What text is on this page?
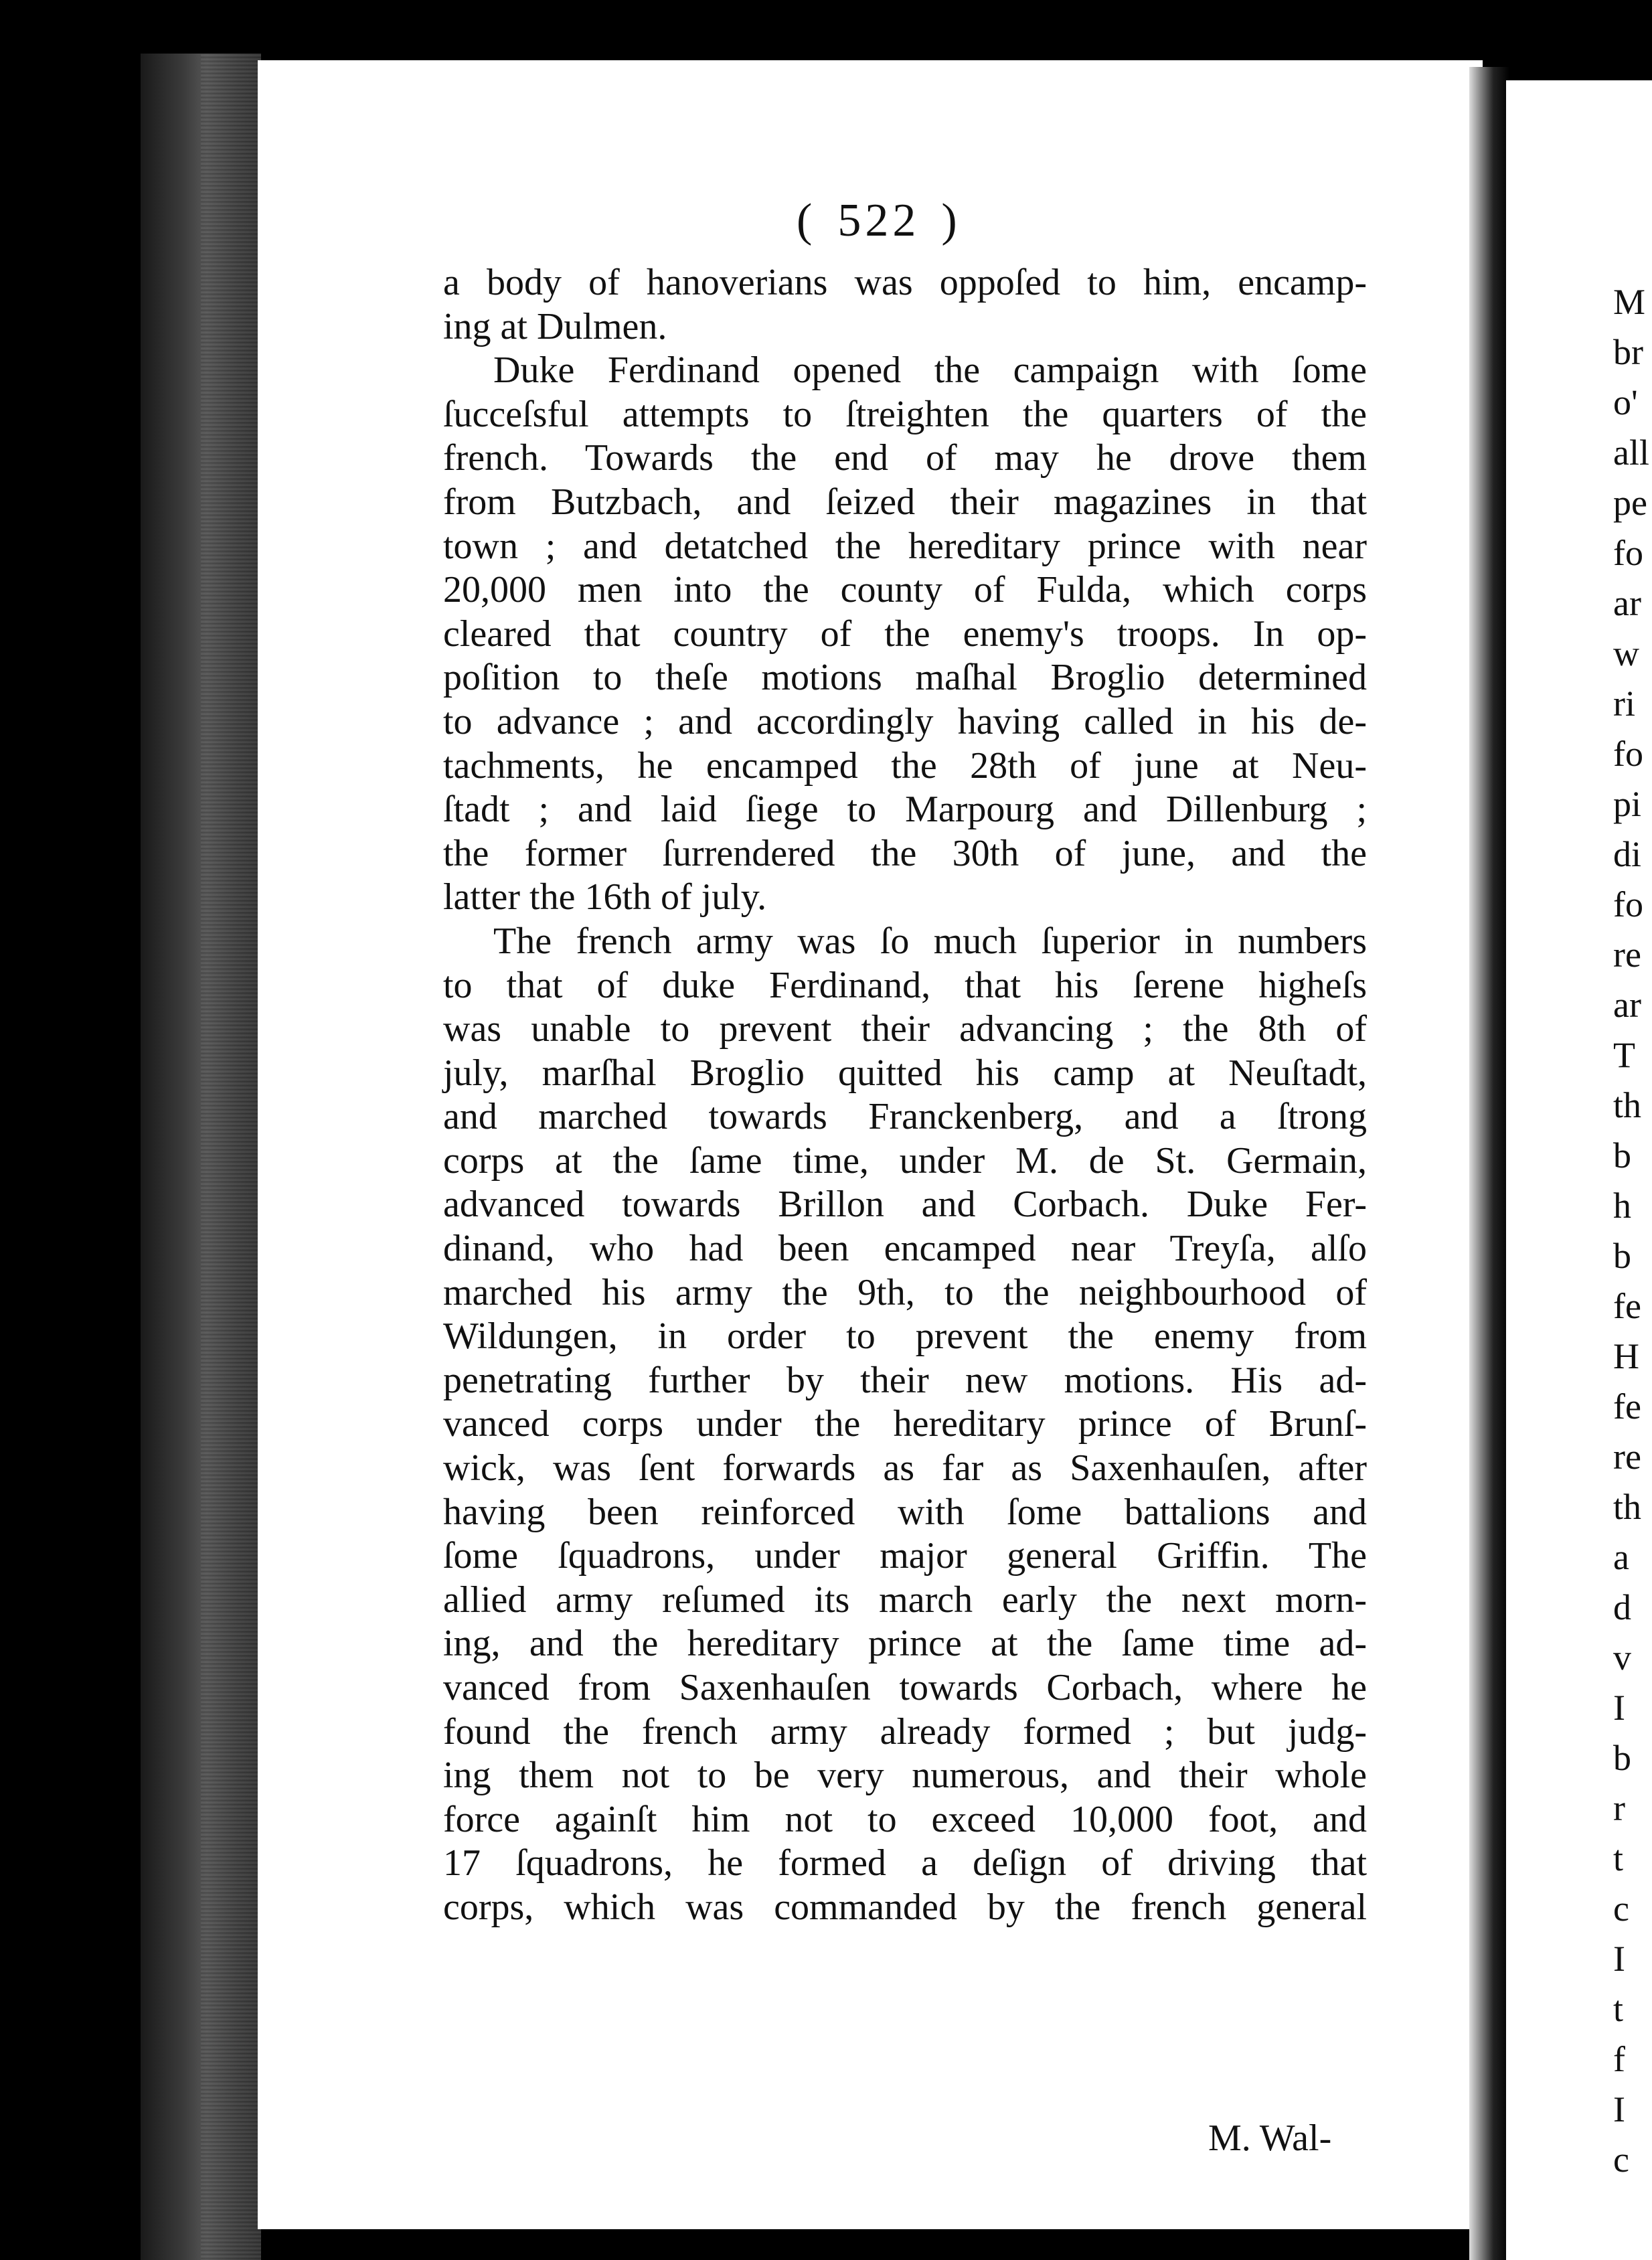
( 522 )
a body of hanoverians was oppoſed to him, encamp-
ing at Dulmen.
Duke Ferdinand opened the campaign with ſome
ſucceſsful attempts to ſtreighten the quarters of the
french. Towards the end of may he drove them
from Butzbach, and ſeized their magazines in that
town ; and detatched the hereditary prince with near
20,000 men into the county of Fulda, which corps
cleared that country of the enemy's troops. In op-
poſition to theſe motions maſhal Broglio determined
to advance ; and accordingly having called in his de-
tachments, he encamped the 28th of june at Neu-
ſtadt ; and laid ſiege to Marpourg and Dillenburg ;
the former ſurrendered the 30th of june, and the
latter the 16th of july.
The french army was ſo much ſuperior in numbers
to that of duke Ferdinand, that his ſerene higheſs
was unable to prevent their advancing ; the 8th of
july, marſhal Broglio quitted his camp at Neuſtadt,
and marched towards Franckenberg, and a ſtrong
corps at the ſame time, under M. de St. Germain,
advanced towards Brillon and Corbach. Duke Fer-
dinand, who had been encamped near Treyſa, alſo
marched his army the 9th, to the neighbourhood of
Wildungen, in order to prevent the enemy from
penetrating further by their new motions. His ad-
vanced corps under the hereditary prince of Brunſ-
wick, was ſent forwards as far as Saxenhauſen, after
having been reinforced with ſome battalions and
ſome ſquadrons, under major general Griffin. The
allied army reſumed its march early the next morn-
ing, and the hereditary prince at the ſame time ad-
vanced from Saxenhauſen towards Corbach, where he
found the french army already formed ; but judg-
ing them not to be very numerous, and their whole
force againſt him not to exceed 10,000 foot, and
17 ſquadrons, he formed a deſign of driving that
corps, which was commanded by the french general
M. Wal-
M
br
o'
all
pe
fo
ar
w
ri
fo
pi
di
fo
re
ar
T
th
b
h
b
fe
H
fe
re
th
a
d
v
I
b
r
t
c
I
t
f
I
c
